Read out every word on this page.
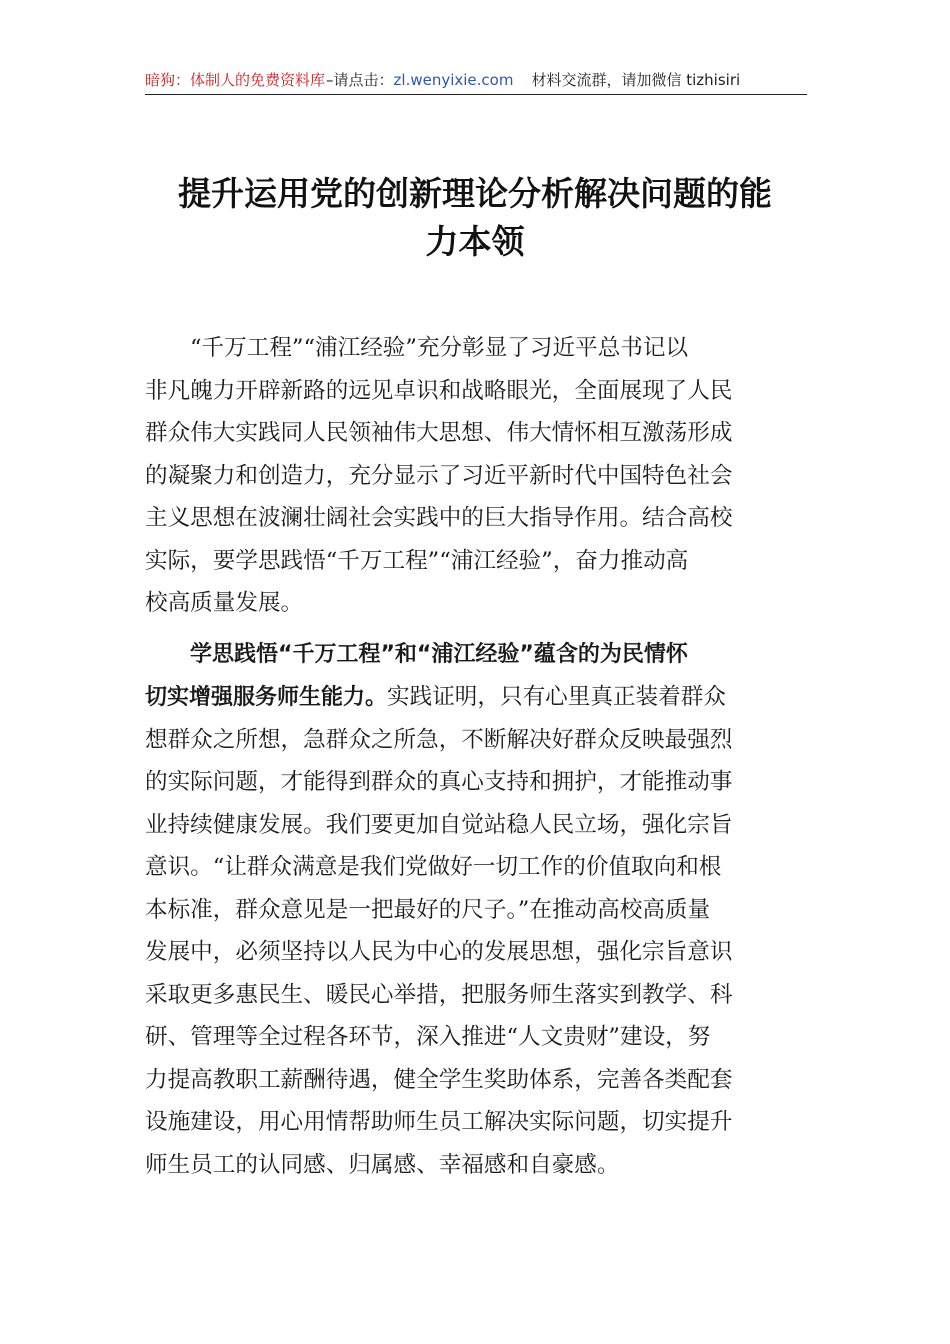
暗狗：体制人的免费资料库–请点击：zl.wenyixie.com 材料交流群，请加微信 tizhisiri
提升运用党的创新理论分析解决问题的能
力本领
“千万工程”“浦江经验”充分彰显了习近平总书记以
非凡魄力开辟新路的远见卓识和战略眼光，全面展现了人民
群众伟大实践同人民领袖伟大思想、伟大情怀相互激荡形成
的凝聚力和创造力，充分显示了习近平新时代中国特色社会
主义思想在波澜壮阔社会实践中的巨大指导作用。结合高校
实际，要学思践悟“千万工程”“浦江经验”，奋力推动高
校高质量发展。
学思践悟“千万工程”和“浦江经验”蕴含的为民情怀
切实增强服务师生能力。实践证明，只有心里真正装着群众
想群众之所想，急群众之所急，不断解决好群众反映最强烈
的实际问题，才能得到群众的真心支持和拥护，才能推动事
业持续健康发展。我们要更加自觉站稳人民立场，强化宗旨
意识。“让群众满意是我们党做好一切工作的价值取向和根
本标准，群众意见是一把最好的尺子。”在推动高校高质量
发展中，必须坚持以人民为中心的发展思想，强化宗旨意识
采取更多惠民生、暖民心举措，把服务师生落实到教学、科
研、管理等全过程各环节，深入推进“人文贵财”建设，努
力提高教职工薪酬待遇，健全学生奖助体系，完善各类配套
设施建设，用心用情帮助师生员工解决实际问题，切实提升
师生员工的认同感、归属感、幸福感和自豪感。
